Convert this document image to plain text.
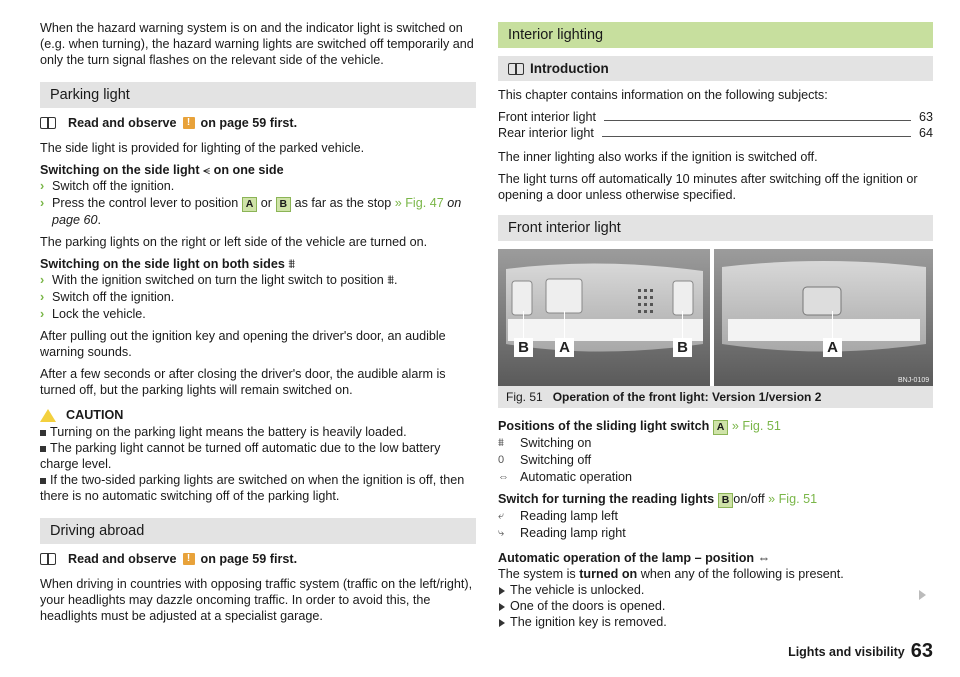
When the hazard warning system is on and the indicator light is switched on (e.g. when turning), the hazard warning lights are switched off temporarily and only the turn signal flashes on the relevant side of the vehicle.

Parking light
Read and observe	! on page 59 first.

The side light is provided for lighting of the parked vehicle.

Switching on the side light ⪪ on one side

› Switch off the ignition.
› Press the control lever to position A or B as far as the stop » Fig. 47 on
page 60.

The parking lights on the right or left side of the vehicle are turned on.

Switching on the side light on both sides ⩩

› With the ignition switched on turn the light switch to position ⩩.
› Switch off the ignition.
› Lock the vehicle.

After pulling out the ignition key and opening the driver's door, an audible warning sounds.

After a few seconds or after closing the driver's door, the audible alarm is turned off, but the parking lights will remain switched on.

CAUTION

Turning on the parking light means the battery is heavily loaded.

The parking light cannot be turned off automatic due to the low battery charge level.

If the two-sided parking lights are switched on when the ignition is off, then there is no automatic switching off of the parking light.

Driving abroad
Read and observe	! on page 59 first.

When driving in countries with opposing traffic system (traffic on the left/right), your headlights may dazzle oncoming traffic. In order to avoid this, the headlights must be adjusted at a specialist garage.

Interior lighting
Introduction

This chapter contains information on the following subjects:

Front interior light	63
Rear interior light	64

The inner lighting also works if the ignition is switched off.

The light turns off automatically 10 minutes after switching off the ignition or opening a door unless otherwise specified.

Front interior light
BNJ-0109
B A	B	A
Fig. 51 Operation of the front light: Version 1/version 2

Positions of the sliding light switch A » Fig. 51

⩩	Switching on
0	Switching off
⇔ Automatic operation

Switch for turning the reading lights B on/off » Fig. 51

⤶	Reading lamp left
⤷	Reading lamp right

Automatic operation of the lamp – position ⇔

The system is turned on when any of the following is present.

The vehicle is unlocked.

One of the doors is opened.

The ignition key is removed.

Lights and visibility 63
